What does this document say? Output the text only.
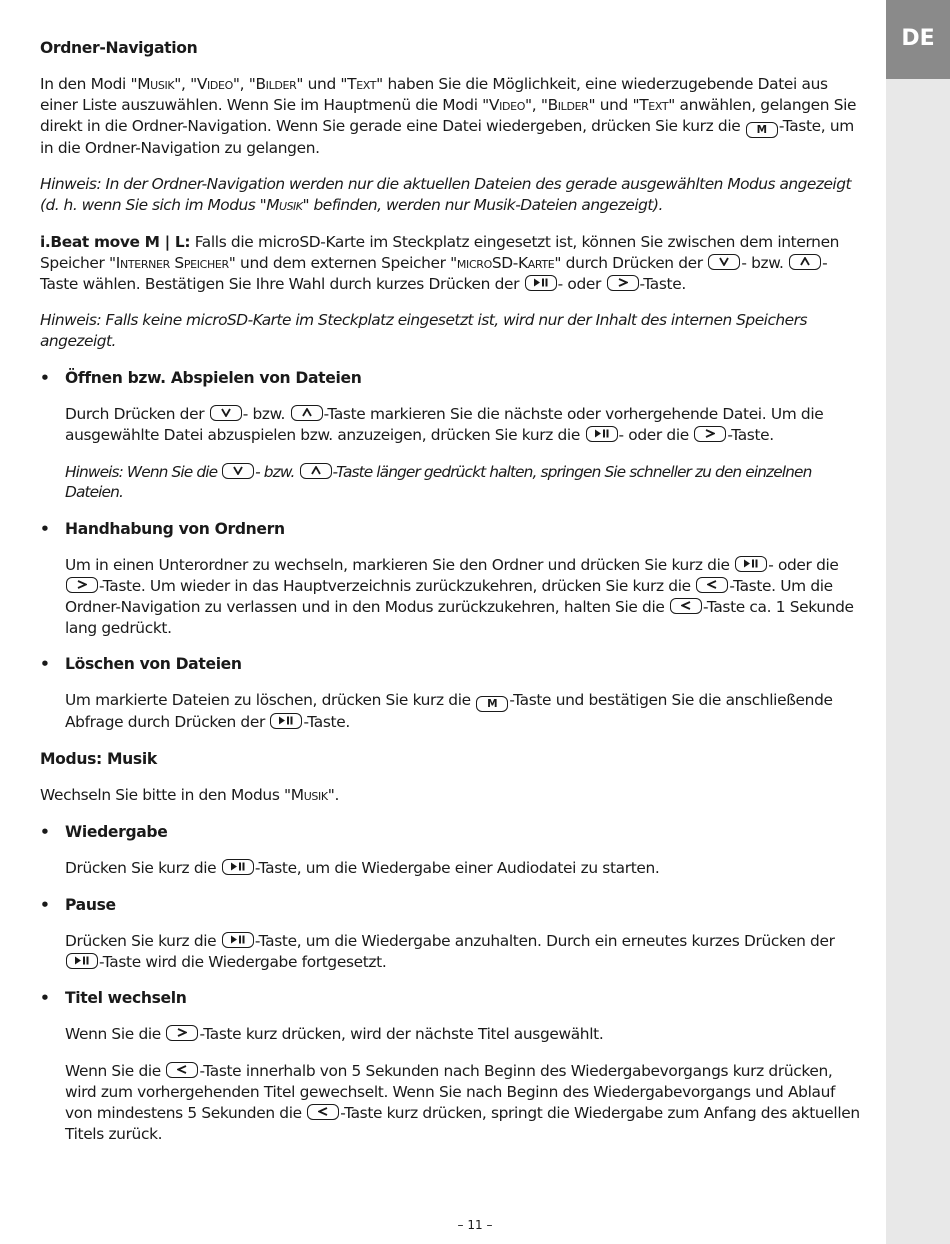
DE
Ordner-Navigation

In den Modi "Musik", "Video", "Bilder" und "Text" haben Sie die Möglichkeit, eine wiederzugebende Datei aus einer Liste auszuwählen. Wenn Sie im Hauptmenü die Modi "Video", "Bilder" und "Text" anwählen, gelangen Sie direkt in die Ordner-Navigation. Wenn Sie gerade eine Datei wiedergeben, drücken Sie kurz die M -Taste, um in die Ordner-Navigation zu gelangen.

Hinweis: In der Ordner-Navigation werden nur die aktuellen Dateien des gerade ausgewählten Modus angezeigt (d. h. wenn Sie sich im Modus "Musik" befinden, werden nur Musik-Dateien angezeigt).

i.Beat move M | L: Falls die microSD-Karte im Steckplatz eingesetzt ist, können Sie zwischen dem internen Speicher "Interner Speicher" und dem externen Speicher "microSD-Karte" durch Drücken der
- bzw.
-Taste wählen. Bestätigen Sie Ihre Wahl durch kurzes Drücken der
- oder
-Taste.

Hinweis: Falls keine microSD-Karte im Steckplatz eingesetzt ist, wird nur der Inhalt des internen Speichers angezeigt.

• Öffnen bzw. Abspielen von Dateien

Durch Drücken der
- bzw.
-Taste markieren Sie die nächste oder vorhergehende Datei. Um die ausgewählte Datei abzuspielen bzw. anzuzeigen, drücken Sie kurz die
- oder die
-Taste.

Hinweis: Wenn Sie die
- bzw.
-Taste länger gedrückt halten, springen Sie schneller zu den einzelnen Dateien.

• Handhabung von Ordnern

Um in einen Unterordner zu wechseln, markieren Sie den Ordner und drücken Sie kurz die
- oder die
-Taste. Um wieder in das Hauptverzeichnis zurückzukehren, drücken Sie kurz die
-Taste. Um die Ordner-Navigation zu verlassen und in den Modus zurückzukehren, halten Sie die
-Taste ca. 1 Sekunde lang gedrückt.

• Löschen von Dateien

Um markierte Dateien zu löschen, drücken Sie kurz die M -Taste und bestätigen Sie die anschließende Abfrage durch Drücken der
-Taste.

Modus: Musik

Wechseln Sie bitte in den Modus "Musik".

• Wiedergabe

Drücken Sie kurz die
-Taste, um die Wiedergabe einer Audiodatei zu starten.

• Pause

Drücken Sie kurz die
-Taste, um die Wiedergabe anzuhalten. Durch ein erneutes kurzes Drücken der
-Taste wird die Wiedergabe fortgesetzt.

• Titel wechseln

Wenn Sie die
-Taste kurz drücken, wird der nächste Titel ausgewählt.

Wenn Sie die
-Taste innerhalb von 5 Sekunden nach Beginn des Wiedergabevorgangs kurz drücken, wird zum vorhergehenden Titel gewechselt. Wenn Sie nach Beginn des Wiedergabevorgangs und Ablauf von mindestens 5 Sekunden die
-Taste kurz drücken, springt die Wiedergabe zum Anfang des aktuellen Titels zurück.

– 11 –
